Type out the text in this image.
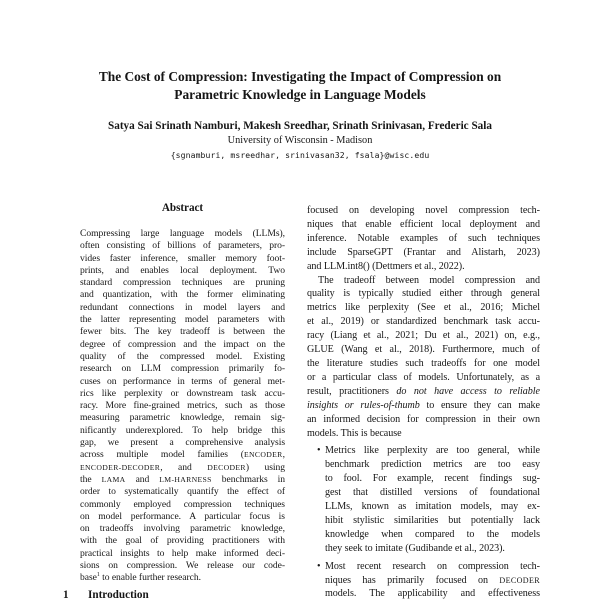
The Cost of Compression: Investigating the Impact of Compression on
Parametric Knowledge in Language Models
Satya Sai Srinath Namburi, Makesh Sreedhar, Srinath Srinivasan, Frederic Sala
University of Wisconsin - Madison
{sgnamburi, msreedhar, srinivasan32, fsala}@wisc.edu
Abstract
Compressing large language models (LLMs),
often consisting of billions of parameters, pro-
vides faster inference, smaller memory foot-
prints, and enables local deployment. Two
standard compression techniques are pruning
and quantization, with the former eliminating
redundant connections in model layers and
the latter representing model parameters with
fewer bits. The key tradeoff is between the
degree of compression and the impact on the
quality of the compressed model. Existing
research on LLM compression primarily fo-
cuses on performance in terms of general met-
rics like perplexity or downstream task accu-
racy. More fine-grained metrics, such as those
measuring parametric knowledge, remain sig-
nificantly underexplored. To help bridge this
gap, we present a comprehensive analysis
across multiple model families (ENCODER,
ENCODER-DECODER, and DECODER) using
the LAMA and LM-HARNESS benchmarks in
order to systematically quantify the effect of
commonly employed compression techniques
on model performance. A particular focus is
on tradeoffs involving parametric knowledge,
with the goal of providing practitioners with
practical insights to help make informed deci-
sions on compression. We release our code-
base$^1$ to enable further research.
1 Introduction
focused on developing novel compression tech-
niques that enable efficient local deployment and
inference. Notable examples of such techniques
include SparseGPT (Frantar and Alistarh, 2023)
and LLM.int8() (Dettmers et al., 2022).
The tradeoff between model compression and
quality is typically studied either through general
metrics like perplexity (See et al., 2016; Michel
et al., 2019) or standardized benchmark task accu-
racy (Liang et al., 2021; Du et al., 2021) on, e.g.,
GLUE (Wang et al., 2018). Furthermore, much of
the literature studies such tradeoffs for one model
or a particular class of models. Unfortunately, as a
result, practitioners do not have access to reliable
insights or rules-of-thumb to ensure they can make
an informed decision for compression in their own
models. This is because
• Metrics like perplexity are too general, while
benchmark prediction metrics are too easy
to fool. For example, recent findings sug-
gest that distilled versions of foundational
LLMs, known as imitation models, may ex-
hibit stylistic similarities but potentially lack
knowledge when compared to the models
they seek to imitate (Gudibande et al., 2023).
• Most recent research on compression tech-
niques has primarily focused on DECODER
models. The applicability and effectiveness
